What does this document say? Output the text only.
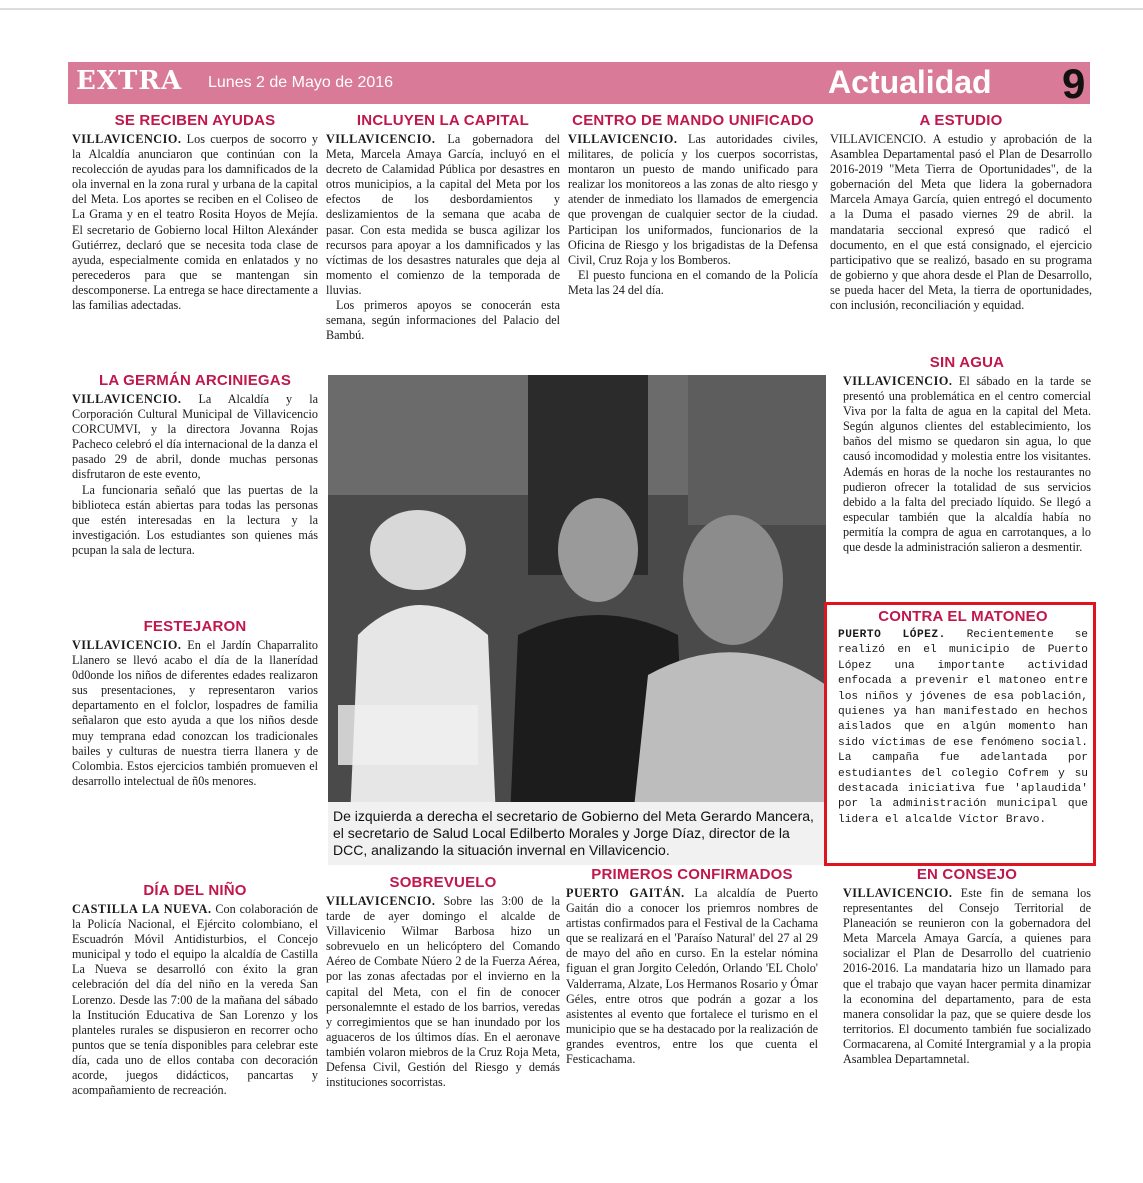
EXTRA Lunes 2 de Mayo de 2016	Actualidad 9
SE RECIBEN AYUDAS

VILLAVICENCIO. Los cuerpos de socorro y la Alcaldía anunciaron que continúan con la recolección de ayudas para los damnificados de la ola invernal en la zona rural y urbana de la capital del Meta. Los aportes se reciben en el Coliseo de La Grama y en el teatro Rosita Hoyos de Mejía. El secretario de Gobierno local Hilton Alexánder Gutiérrez, declaró que se necesita toda clase de ayuda, especialmente comida en enlatados y no perecederos para que se mantengan sin descomponerse. La entrega se hace directamente a las familias adectadas.

LA GERMÁN ARCINIEGAS

VILLAVICENCIO. La Alcaldía y la Corporación Cultural Municipal de Villavicencio CORCUMVI, y la directora Jovanna Rojas Pacheco celebró el día internacional de la danza el pasado 29 de abril, donde muchas personas disfrutaron de este evento,

La funcionaria señaló que las puertas de la biblioteca están abiertas para todas las personas que estén interesadas en la lectura y la investigación. Los estudiantes son quienes más pcupan la sala de lectura.

FESTEJARON

VILLAVICENCIO. En el Jardín Chaparralito Llanero se llevó acabo el día de la llanerídad 0d0onde los niños de diferentes edades realizaron sus presentaciones, y representaron varios departamento en el folclor, lospadres de familia señalaron que esto ayuda a que los niños desde muy temprana edad conozcan los tradicionales bailes y culturas de nuestra tierra llanera y de Colombia. Estos ejercicios también promueven el desarrollo intelectual de ñ0s menores.

DÍA DEL NIÑO

CASTILLA LA NUEVA. Con colaboración de la Policía Nacional, el Ejército colombiano, el Escuadrón Móvil Antidisturbios, el Concejo municipal y todo el equipo la alcaldía de Castilla La Nueva se desarrolló con éxito la gran celebración del día del niño en la vereda San Lorenzo. Desde las 7:00 de la mañana del sábado la Institución Educativa de San Lorenzo y los planteles rurales se dispusieron en recorrer ocho puntos que se tenía disponibles para celebrar este día, cada uno de ellos contaba con decoración acorde, juegos didácticos, pancartas y acompañamiento de recreación.

INCLUYEN LA CAPITAL

VILLAVICENCIO. La gobernadora del Meta, Marcela Amaya García, incluyó en el decreto de Calamidad Pública por desastres en otros municipios, a la capital del Meta por los efectos de los desbordamientos y deslizamientos de la semana que acaba de pasar. Con esta medida se busca agilizar los recursos para apoyar a los damnificados y las víctimas de los desastres naturales que deja al momento el comienzo de la temporada de lluvias.

Los primeros apoyos se conocerán esta semana, según informaciones del Palacio del Bambú.

CENTRO DE MANDO UNIFICADO

VILLAVICENCIO. Las autoridades civiles, militares, de policía y los cuerpos socorristas, montaron un puesto de mando unificado para realizar los monitoreos a las zonas de alto riesgo y atender de inmediato los llamados de emergencia que provengan de cualquier sector de la ciudad. Participan los uniformados, funcionarios de la Oficina de Riesgo y los brigadistas de la Defensa Civil, Cruz Roja y los Bomberos.

El puesto funciona en el comando de la Policía Meta las 24 del día.

De izquierda a derecha el secretario de Gobierno del Meta Gerardo Mancera, el secretario de Salud Local Edilberto Morales y Jorge Díaz, director de la DCC, analizando la situación invernal en Villavicencio.
A ESTUDIO

VILLAVICENCIO. A estudio y aprobación de la Asamblea Departamental pasó el Plan de Desarrollo 2016-2019 "Meta Tierra de Oportunidades", de la gobernación del Meta que lidera la gobernadora Marcela Amaya García, quien entregó el documento a la Duma el pasado viernes 29 de abril. la mandataria seccional expresó que radicó el documento, en el que está consignado, el ejercicio participativo que se realizó, basado en su programa de gobierno y que ahora desde el Plan de Desarrollo, se pueda hacer del Meta, la tierra de oportunidades, con inclusión, reconciliación y equidad.

SIN AGUA

VILLAVICENCIO. El sábado en la tarde se presentó una problemática en el centro comercial Viva por la falta de agua en la capital del Meta. Según algunos clientes del establecimiento, los baños del mismo se quedaron sin agua, lo que causó incomodidad y molestia entre los visitantes. Además en horas de la noche los restaurantes no pudieron ofrecer la totalidad de sus servicios debido a la falta del preciado líquido. Se llegó a especular también que la alcaldía había no permitía la compra de agua en carrotanques, a lo que desde la administración salieron a desmentir.

CONTRA EL MATONEO

PUERTO LÓPEZ. Recientemente se realizó en el municipio de Puerto López una importante actividad enfocada a prevenir el matoneo entre los niños y jóvenes de esa población, quienes ya han manifestado en hechos aislados que en algún momento han sido víctimas de ese fenómeno social. La campaña fue adelantada por estudiantes del colegio Cofrem y su destacada iniciativa fue 'aplaudida' por la administración municipal que lidera el alcalde Víctor Bravo.

SOBREVUELO

VILLAVICENCIO. Sobre las 3:00 de la tarde de ayer domingo el alcalde de Villavicenio Wilmar Barbosa hizo un sobrevuelo en un helicóptero del Comando Aéreo de Combate Núero 2 de la Fuerza Aérea, por las zonas afectadas por el invierno en la capital del Meta, con el fin de conocer personalemnte el estado de los barrios, veredas y corregimientos que se han inundado por los aguaceros de los últimos días. En el aeronave también volaron miebros de la Cruz Roja Meta, Defensa Civil, Gestión del Riesgo y demás instituciones socorristas.

PRIMEROS CONFIRMADOS

PUERTO GAITÁN. La alcaldía de Puerto Gaitán dio a conocer los priemros nombres de artistas confirmados para el Festival de la Cachama que se realizará en el 'Paraíso Natural' del 27 al 29 de mayo del año en curso. En la estelar nómina figuan el gran Jorgito Celedón, Orlando 'EL Cholo' Valderrama, Alzate, Los Hermanos Rosario y Ómar Géles, entre otros que podrán a gozar a los asistentes al evento que fortalece el turismo en el municipio que se ha destacado por la realización de grandes eventros, entre los que cuenta el Festicachama.

EN CONSEJO

VILLAVICENCIO. Este fin de semana los representantes del Consejo Territorial de Planeación se reunieron con la gobernadora del Meta Marcela Amaya García, a quienes para socializar el Plan de Desarrollo del cuatrienio 2016-2016. La mandataria hizo un llamado para que el trabajo que vayan hacer permita dinamizar la economina del departamento, para de esta manera consolidar la paz, que se quiere desde los territorios. El documento también fue socializado Cormacarena, al Comité Intergramial y a la propia Asamblea Departamnetal.
